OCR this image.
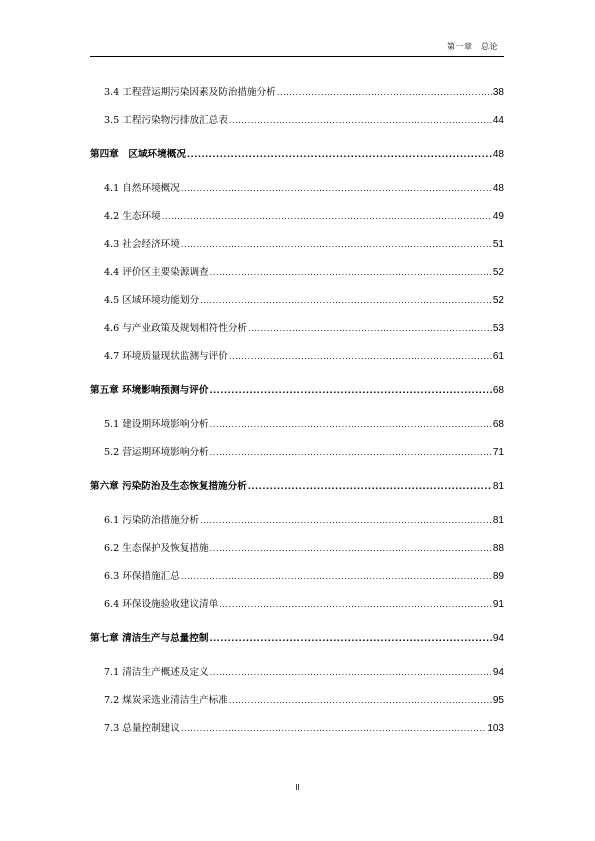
第一章　总论
3.4 工程营运期污染因素及防治措施分析 .....	38
3.5 工程污染物污排放汇总表 .....	44
第四章　区域环境概况 .....	48
4.1 自然环境概况 .....	48
4.2 生态环境 .....	49
4.3 社会经济环境 .....	51
4.4 评价区主要染源调查 .....	52
4.5 区域环境功能划分 .....	52
4.6 与产业政策及规划相符性分析 .....	53
4.7 环境质量现状监测与评价 .....	61
第五章 环境影响预测与评价 .....	68
5.1 建设期环境影响分析 .....	68
5.2 营运期环境影响分析 .....	71
第六章 污染防治及生态恢复措施分析 .....	81
6.1 污染防治措施分析 .....	81
6.2 生态保护及恢复措施 .....	88
6.3 环保措施汇总 .....	89
6.4 环保设施验收建议清单 .....	91
第七章 清洁生产与总量控制 .....	94
7.1 清洁生产概述及定义 .....	94
7.2 煤炭采选业清洁生产标准 .....	95
7.3 总量控制建议 .....	103
II
